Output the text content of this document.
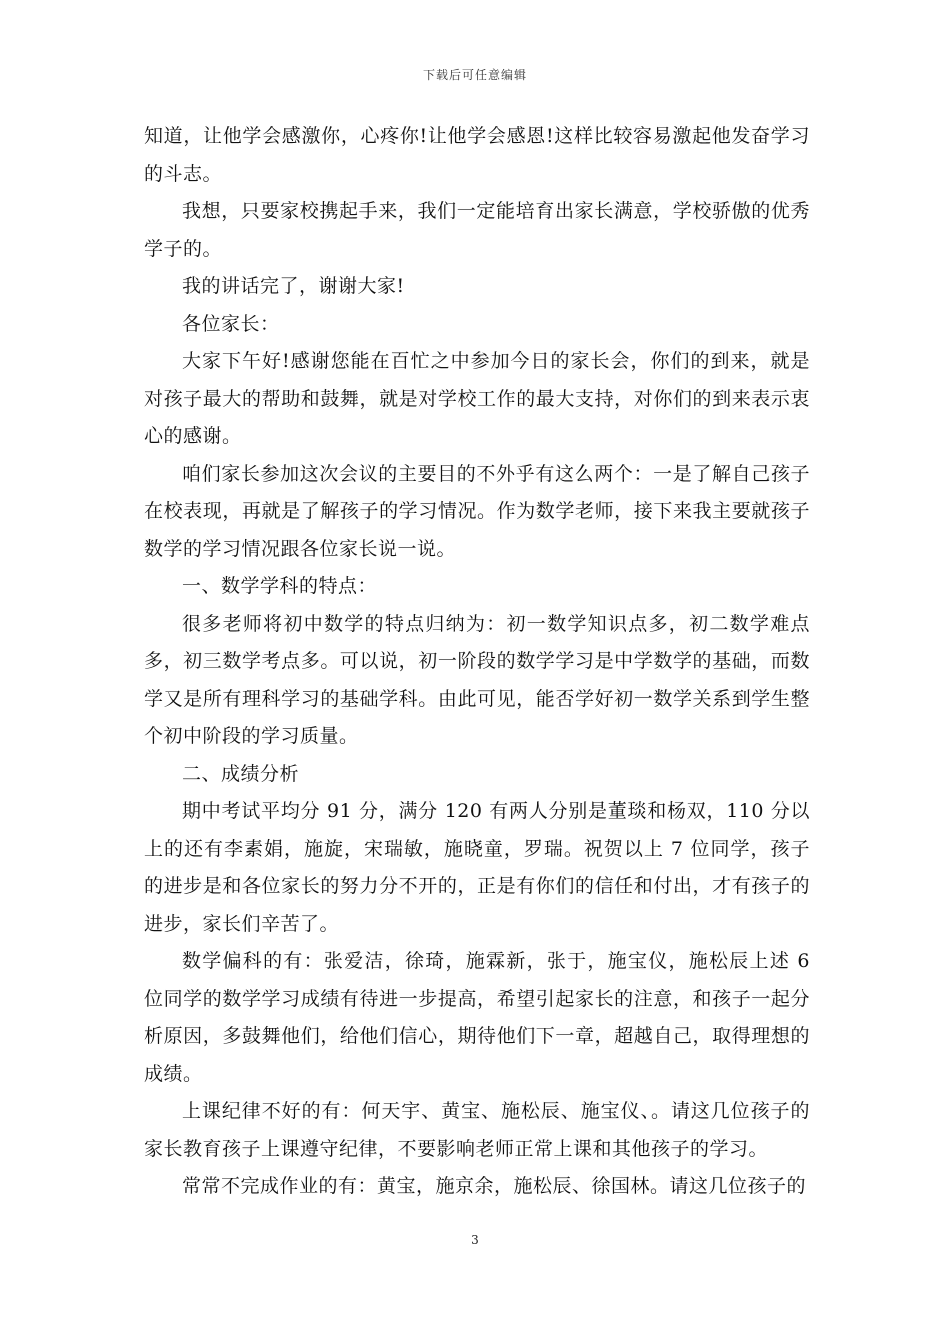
下载后可任意编辑

知道，让他学会感激你，心疼你!让他学会感恩!这样比较容易激起他发奋学习的斗志。

我想，只要家校携起手来，我们一定能培育出家长满意，学校骄傲的优秀学子的。

我的讲话完了，谢谢大家!

各位家长：

大家下午好!感谢您能在百忙之中参加今日的家长会，你们的到来，就是对孩子最大的帮助和鼓舞，就是对学校工作的最大支持，对你们的到来表示衷心的感谢。

咱们家长参加这次会议的主要目的不外乎有这么两个：一是了解自己孩子在校表现，再就是了解孩子的学习情况。作为数学老师，接下来我主要就孩子数学的学习情况跟各位家长说一说。

一、数学学科的特点：

很多老师将初中数学的特点归纳为：初一数学知识点多，初二数学难点多，初三数学考点多。可以说，初一阶段的数学学习是中学数学的基础，而数学又是所有理科学习的基础学科。由此可见，能否学好初一数学关系到学生整个初中阶段的学习质量。

二、成绩分析

期中考试平均分 91 分，满分 120 有两人分别是董琰和杨双，110 分以上的还有李素娟，施旋，宋瑞敏，施晓童，罗瑞。祝贺以上 7 位同学，孩子的进步是和各位家长的努力分不开的，正是有你们的信任和付出，才有孩子的进步，家长们辛苦了。

数学偏科的有：张爱洁，徐琦，施霖新，张于，施宝仪，施松辰上述 6 位同学的数学学习成绩有待进一步提高，希望引起家长的注意，和孩子一起分析原因，多鼓舞他们，给他们信心，期待他们下一章，超越自己，取得理想的成绩。

上课纪律不好的有：何天宇、黄宝、施松辰、施宝仪、。请这几位孩子的家长教育孩子上课遵守纪律，不要影响老师正常上课和其他孩子的学习。

常常不完成作业的有：黄宝，施京余，施松辰、徐国林。请这几位孩子的

3
